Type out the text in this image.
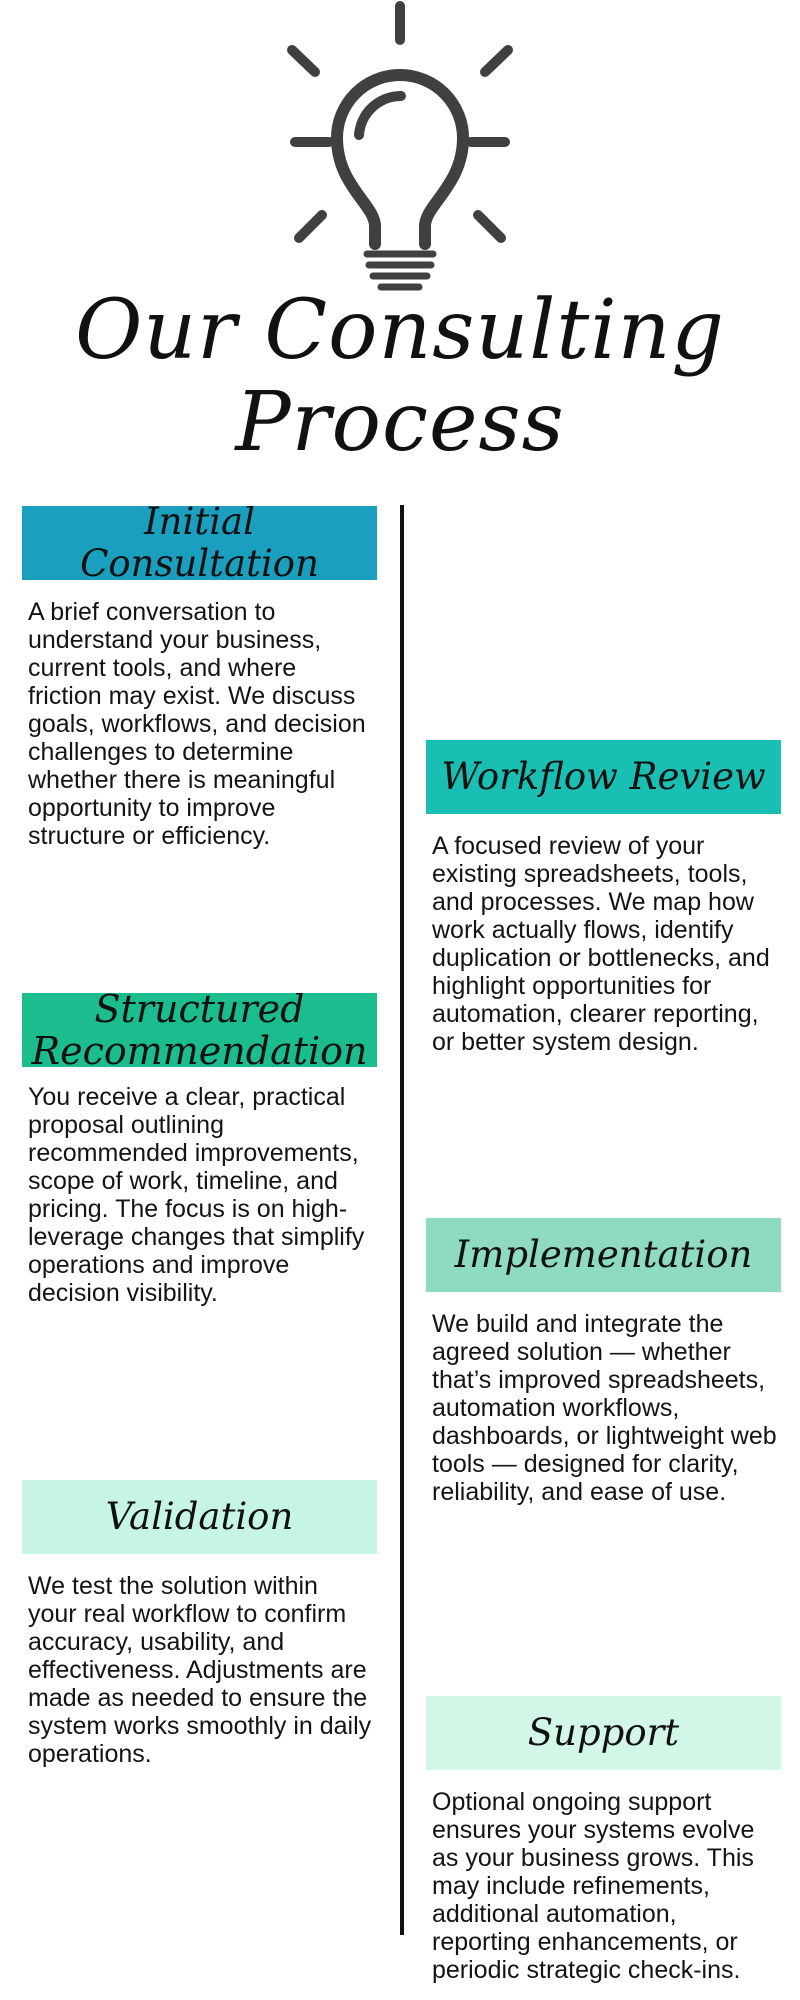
Our Consulting Process
Initial Consultation
A brief conversation to understand your business, current tools, and where friction may exist. We discuss goals, workflows, and decision challenges to determine whether there is meaningful opportunity to improve structure or efficiency.
Workflow Review
A focused review of your existing spreadsheets, tools, and processes. We map how work actually flows, identify duplication or bottlenecks, and highlight opportunities for automation, clearer reporting, or better system design.
Structured Recommendation
You receive a clear, practical proposal outlining recommended improvements, scope of work, timeline, and pricing. The focus is on high-leverage changes that simplify operations and improve decision visibility.
Implementation
We build and integrate the agreed solution — whether that’s improved spreadsheets, automation workflows, dashboards, or lightweight web tools — designed for clarity, reliability, and ease of use.
Validation
We test the solution within your real workflow to confirm accuracy, usability, and effectiveness. Adjustments are made as needed to ensure the system works smoothly in daily operations.	Support
Optional ongoing support ensures your systems evolve as your business grows. This may include refinements, additional automation, reporting enhancements, or periodic strategic check-ins.
